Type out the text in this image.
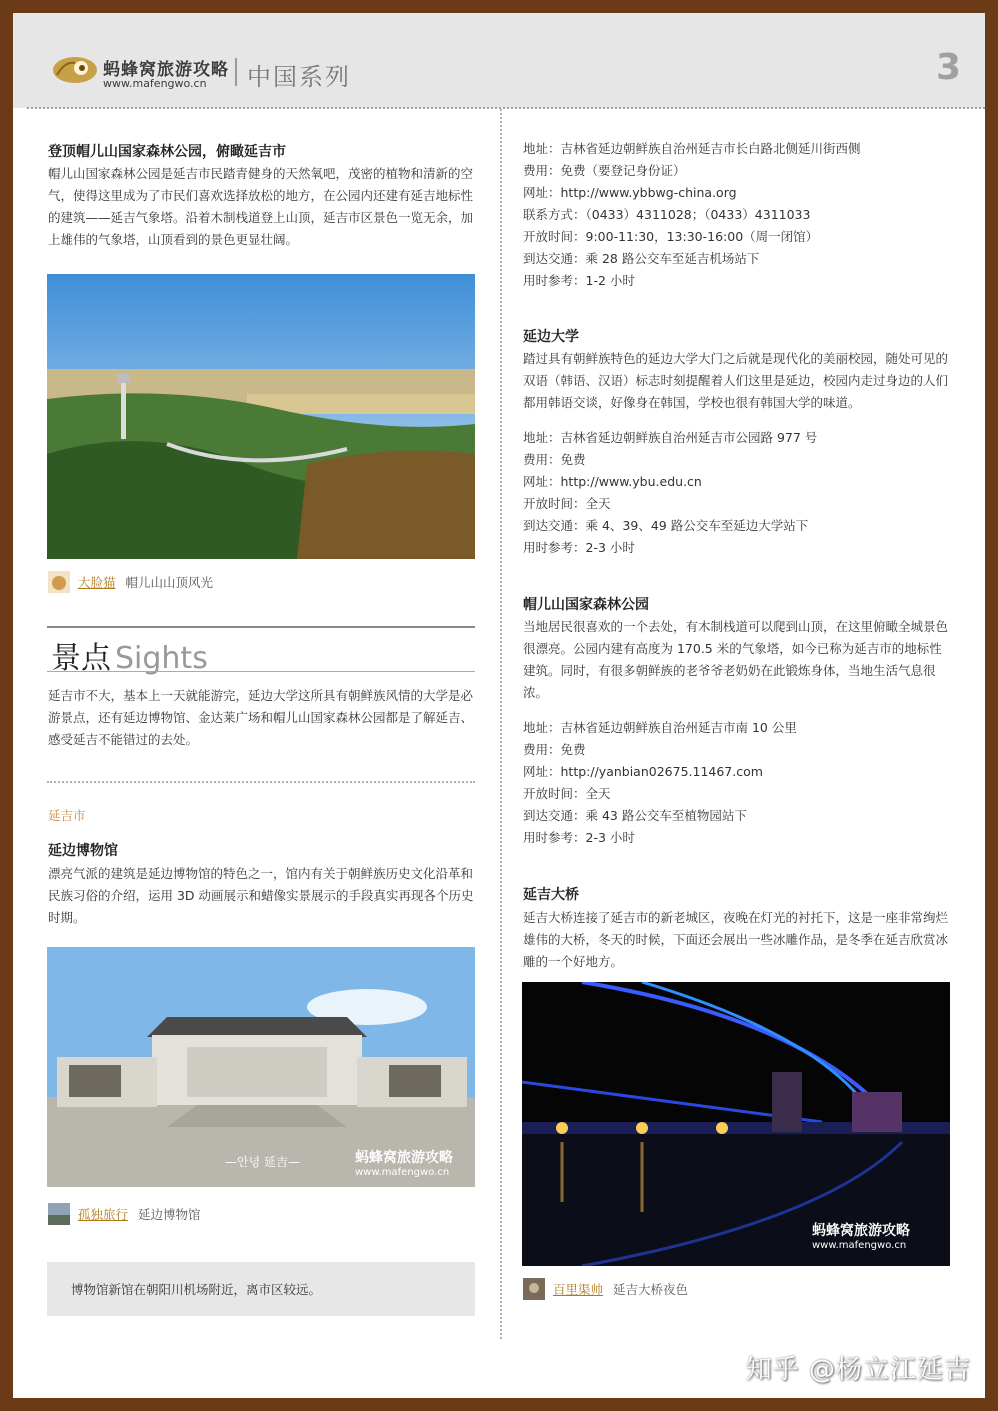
蚂蜂窝旅游攻略
www.mafengwo.cn 中国系列	3
登顶帽儿山国家森林公园，俯瞰延吉市
帽儿山国家森林公园是延吉市民踏青健身的天然氧吧，茂密的植物和清新的空气，使得这里成为了市民们喜欢选择放松的地方，在公园内还建有延吉地标性的建筑——延吉气象塔。沿着木制栈道登上山顶，延吉市区景色一览无余，加上雄伟的气象塔，山顶看到的景色更显壮阔。
大脸猫 帽儿山山顶风光
景点 Sights
延吉市不大，基本上一天就能游完，延边大学这所具有朝鲜族风情的大学是必游景点，还有延边博物馆、金达莱广场和帽儿山国家森林公园都是了解延吉、感受延吉不能错过的去处。
延吉市
延边博物馆
漂亮气派的建筑是延边博物馆的特色之一，馆内有关于朝鲜族历史文化沿革和民族习俗的介绍，运用 3D 动画展示和蜡像实景展示的手段真实再现各个历史时期。
—안녕 延吉—	蚂蜂窝旅游攻略
www.mafengwo.cn
孤独旅行 延边博物馆
博物馆新馆在朝阳川机场附近，离市区较远。
地址：吉林省延边朝鲜族自治州延吉市长白路北侧延川街西侧
费用：免费（要登记身份证）
网址：http://www.ybbwg-china.org
联系方式：（0433）4311028；（0433）4311033
开放时间：9:00-11:30，13:30-16:00（周一闭馆）
到达交通：乘 28 路公交车至延吉机场站下
用时参考：1-2 小时
延边大学
踏过具有朝鲜族特色的延边大学大门之后就是现代化的美丽校园，随处可见的双语（韩语、汉语）标志时刻提醒着人们这里是延边，校园内走过身边的人们都用韩语交谈，好像身在韩国，学校也很有韩国大学的味道。
地址：吉林省延边朝鲜族自治州延吉市公园路 977 号
费用：免费
网址：http://www.ybu.edu.cn
开放时间：全天
到达交通：乘 4、39、49 路公交车至延边大学站下
用时参考：2-3 小时
帽儿山国家森林公园
当地居民很喜欢的一个去处，有木制栈道可以爬到山顶，在这里俯瞰全城景色很漂亮。公园内建有高度为 170.5 米的气象塔，如今已称为延吉市的地标性建筑。同时，有很多朝鲜族的老爷爷老奶奶在此锻炼身体，当地生活气息很浓。
地址：吉林省延边朝鲜族自治州延吉市南 10 公里
费用：免费
网址：http://yanbian02675.11467.com
开放时间：全天
到达交通：乘 43 路公交车至植物园站下
用时参考：2-3 小时
延吉大桥
延吉大桥连接了延吉市的新老城区，夜晚在灯光的衬托下，这是一座非常绚烂雄伟的大桥，冬天的时候，下面还会展出一些冰雕作品，是冬季在延吉欣赏冰雕的一个好地方。
蚂蜂窝旅游攻略
www.mafengwo.cn
百里渠帅 延吉大桥夜色
知乎 @杨立江延吉
